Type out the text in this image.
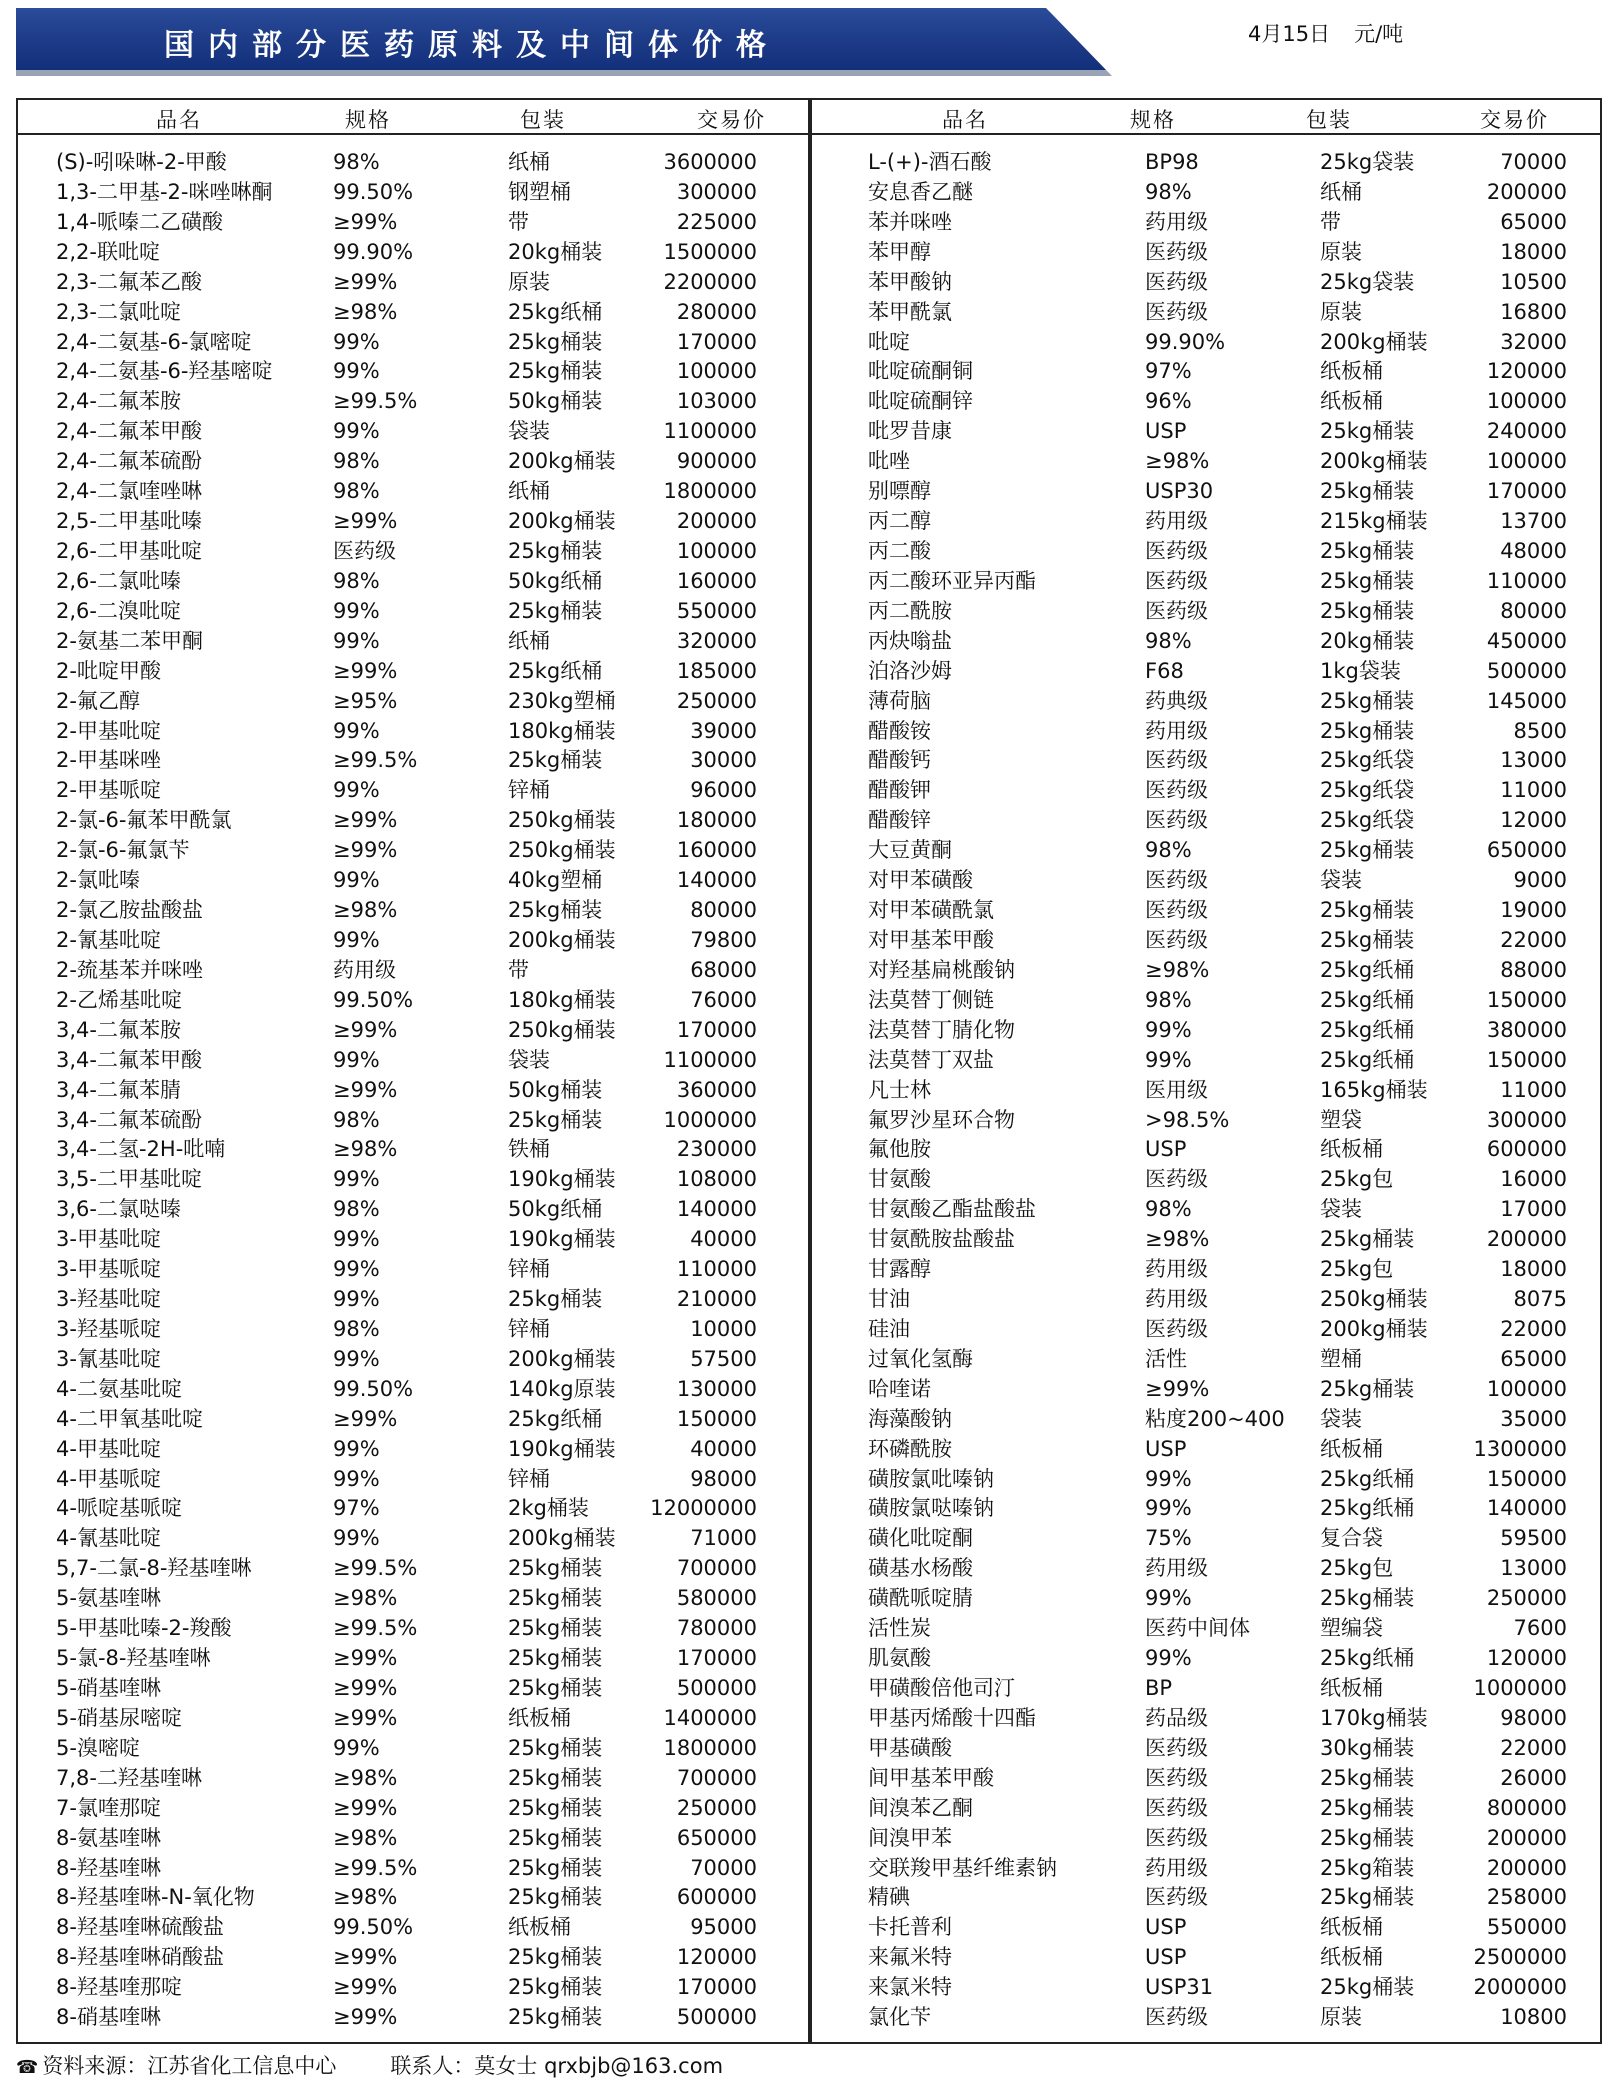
国内部分医药原料及中间体价格	4月15日 元/吨
品名	规格	包装	交易价	品名	规格	包装	交易价
(S)-吲哚啉-2-甲酸	98%	纸桶	3600000
1,3-二甲基-2-咪唑啉酮	99.50%	钢塑桶	300000
1,4-哌嗪二乙磺酸	≥99%	带	225000
2,2-联吡啶	99.90%	20kg桶装	1500000
2,3-二氟苯乙酸	≥99%	原装	2200000
2,3-二氯吡啶	≥98%	25kg纸桶	280000
2,4-二氨基-6-氯嘧啶	99%	25kg桶装	170000
2,4-二氨基-6-羟基嘧啶	99%	25kg桶装	100000
2,4-二氟苯胺	≥99.5%	50kg桶装	103000
2,4-二氟苯甲酸	99%	袋装	1100000
2,4-二氟苯硫酚	98%	200kg桶装	900000
2,4-二氯喹唑啉	98%	纸桶	1800000
2,5-二甲基吡嗪	≥99%	200kg桶装	200000
2,6-二甲基吡啶	医药级	25kg桶装	100000
2,6-二氯吡嗪	98%	50kg纸桶	160000
2,6-二溴吡啶	99%	25kg桶装	550000
2-氨基二苯甲酮	99%	纸桶	320000
2-吡啶甲酸	≥99%	25kg纸桶	185000
2-氟乙醇	≥95%	230kg塑桶	250000
2-甲基吡啶	99%	180kg桶装	39000
2-甲基咪唑	≥99.5%	25kg桶装	30000
2-甲基哌啶	99%	锌桶	96000
2-氯-6-氟苯甲酰氯	≥99%	250kg桶装	180000
2-氯-6-氟氯苄	≥99%	250kg桶装	160000
2-氯吡嗪	99%	40kg塑桶	140000
2-氯乙胺盐酸盐	≥98%	25kg桶装	80000
2-氰基吡啶	99%	200kg桶装	79800
2-巯基苯并咪唑	药用级	带	68000
2-乙烯基吡啶	99.50%	180kg桶装	76000
3,4-二氟苯胺	≥99%	250kg桶装	170000
3,4-二氟苯甲酸	99%	袋装	1100000
3,4-二氟苯腈	≥99%	50kg桶装	360000
3,4-二氟苯硫酚	98%	25kg桶装	1000000
3,4-二氢-2H-吡喃	≥98%	铁桶	230000
3,5-二甲基吡啶	99%	190kg桶装	108000
3,6-二氯哒嗪	98%	50kg纸桶	140000
3-甲基吡啶	99%	190kg桶装	40000
3-甲基哌啶	99%	锌桶	110000
3-羟基吡啶	99%	25kg桶装	210000
3-羟基哌啶	98%	锌桶	10000
3-氰基吡啶	99%	200kg桶装	57500
4-二氨基吡啶	99.50%	140kg原装	130000
4-二甲氧基吡啶	≥99%	25kg纸桶	150000
4-甲基吡啶	99%	190kg桶装	40000
4-甲基哌啶	99%	锌桶	98000
4-哌啶基哌啶	97%	2kg桶装	12000000
4-氰基吡啶	99%	200kg桶装	71000
5,7-二氯-8-羟基喹啉	≥99.5%	25kg桶装	700000
5-氨基喹啉	≥98%	25kg桶装	580000
5-甲基吡嗪-2-羧酸	≥99.5%	25kg桶装	780000
5-氯-8-羟基喹啉	≥99%	25kg桶装	170000
5-硝基喹啉	≥99%	25kg桶装	500000
5-硝基尿嘧啶	≥99%	纸板桶	1400000
5-溴嘧啶	99%	25kg桶装	1800000
7,8-二羟基喹啉	≥98%	25kg桶装	700000
7-氯喹那啶	≥99%	25kg桶装	250000
8-氨基喹啉	≥98%	25kg桶装	650000
8-羟基喹啉	≥99.5%	25kg桶装	70000
8-羟基喹啉-N-氧化物	≥98%	25kg桶装	600000
8-羟基喹啉硫酸盐	99.50%	纸板桶	95000
8-羟基喹啉硝酸盐	≥99%	25kg桶装	120000
8-羟基喹那啶	≥99%	25kg桶装	170000
8-硝基喹啉	≥99%	25kg桶装	500000
L-(+)-酒石酸	BP98	25kg袋装	70000
安息香乙醚	98%	纸桶	200000
苯并咪唑	药用级	带	65000
苯甲醇	医药级	原装	18000
苯甲酸钠	医药级	25kg袋装	10500
苯甲酰氯	医药级	原装	16800
吡啶	99.90%	200kg桶装	32000
吡啶硫酮铜	97%	纸板桶	120000
吡啶硫酮锌	96%	纸板桶	100000
吡罗昔康	USP	25kg桶装	240000
吡唑	≥98%	200kg桶装	100000
别嘌醇	USP30	25kg桶装	170000
丙二醇	药用级	215kg桶装	13700
丙二酸	医药级	25kg桶装	48000
丙二酸环亚异丙酯	医药级	25kg桶装	110000
丙二酰胺	医药级	25kg桶装	80000
丙炔嗡盐	98%	20kg桶装	450000
泊洛沙姆	F68	1kg袋装	500000
薄荷脑	药典级	25kg桶装	145000
醋酸铵	药用级	25kg桶装	8500
醋酸钙	医药级	25kg纸袋	13000
醋酸钾	医药级	25kg纸袋	11000
醋酸锌	医药级	25kg纸袋	12000
大豆黄酮	98%	25kg桶装	650000
对甲苯磺酸	医药级	袋装	9000
对甲苯磺酰氯	医药级	25kg桶装	19000
对甲基苯甲酸	医药级	25kg桶装	22000
对羟基扁桃酸钠	≥98%	25kg纸桶	88000
法莫替丁侧链	98%	25kg纸桶	150000
法莫替丁腈化物	99%	25kg纸桶	380000
法莫替丁双盐	99%	25kg纸桶	150000
凡士林	医用级	165kg桶装	11000
氟罗沙星环合物	>98.5%	塑袋	300000
氟他胺	USP	纸板桶	600000
甘氨酸	医药级	25kg包	16000
甘氨酸乙酯盐酸盐	98%	袋装	17000
甘氨酰胺盐酸盐	≥98%	25kg桶装	200000
甘露醇	药用级	25kg包	18000
甘油	药用级	250kg桶装	8075
硅油	医药级	200kg桶装	22000
过氧化氢酶	活性	塑桶	65000
哈喹诺	≥99%	25kg桶装	100000
海藻酸钠	粘度200~400 袋装	35000
环磷酰胺	USP	纸板桶	1300000
磺胺氯吡嗪钠	99%	25kg纸桶	150000
磺胺氯哒嗪钠	99%	25kg纸桶	140000
磺化吡啶酮	75%	复合袋	59500
磺基水杨酸	药用级	25kg包	13000
磺酰哌啶腈	99%	25kg桶装	250000
活性炭	医药中间体	塑编袋	7600
肌氨酸	99%	25kg纸桶	120000
甲磺酸倍他司汀	BP	纸板桶	1000000
甲基丙烯酸十四酯	药品级	170kg桶装	98000
甲基磺酸	医药级	30kg桶装	22000
间甲基苯甲酸	医药级	25kg桶装	26000
间溴苯乙酮	医药级	25kg桶装	800000
间溴甲苯	医药级	25kg桶装	200000
交联羧甲基纤维素钠	药用级	25kg箱装	200000
精碘	医药级	25kg桶装	258000
卡托普利	USP	纸板桶	550000
来氟米特	USP	纸板桶	2500000
来氯米特	USP31	25kg桶装	2000000
氯化苄	医药级	原装	10800
☎ 资料来源：江苏省化工信息中心	联系人：莫女士 qrxbjb@163.com
